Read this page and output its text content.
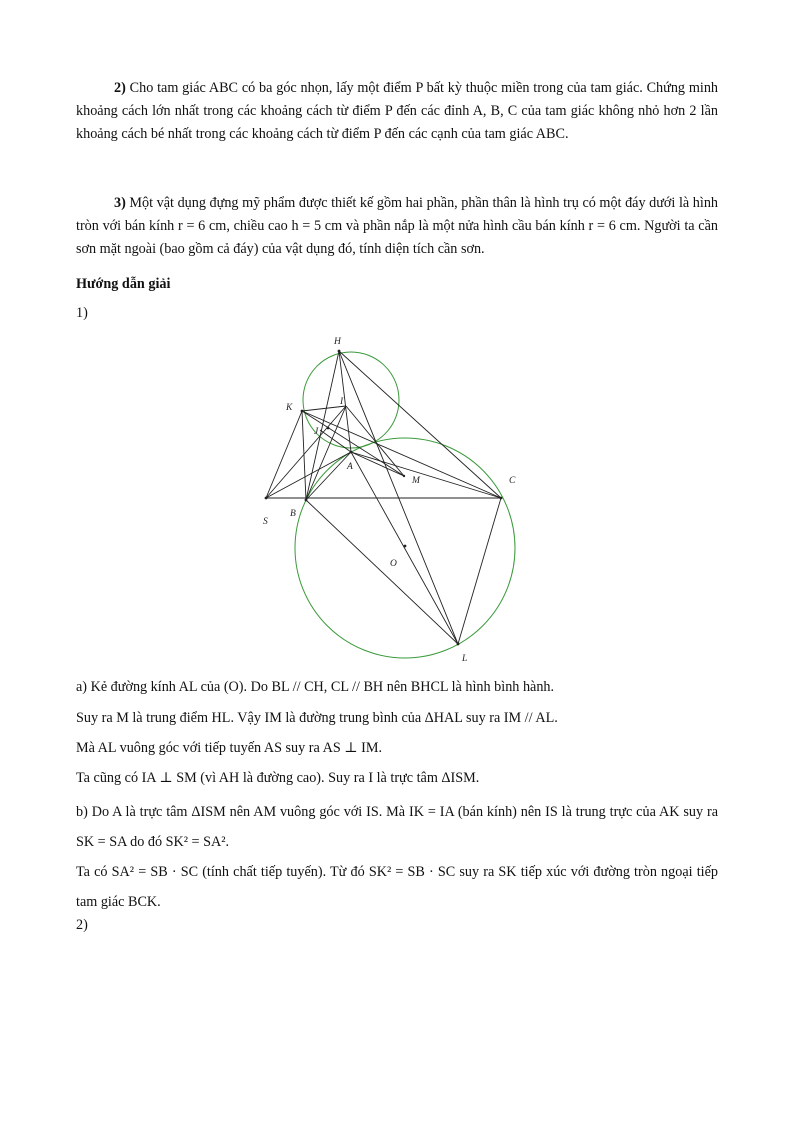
2) Cho tam giác ABC có ba góc nhọn, lấy một điểm P bất kỳ thuộc miền trong của tam giác. Chứng minh khoảng cách lớn nhất trong các khoảng cách từ điểm P đến các đỉnh A, B, C của tam giác không nhỏ hơn 2 lần khoảng cách bé nhất trong các khoảng cách từ điểm P đến các cạnh của tam giác ABC.
3) Một vật dụng đựng mỹ phẩm được thiết kế gồm hai phần, phần thân là hình trụ có một đáy dưới là hình tròn với bán kính r = 6 cm, chiều cao h = 5 cm và phần nắp là một nửa hình cầu bán kính r = 6 cm. Người ta cần sơn mặt ngoài (bao gồm cả đáy) của vật dụng đó, tính diện tích cần sơn.
Hướng dẫn giải
1)
H
I
K
J
A
M	C
S
B
O
L
a) Kẻ đường kính AL của (O). Do BL // CH, CL // BH nên BHCL là hình bình hành.
Suy ra M là trung điểm HL. Vậy IM là đường trung bình của ΔHAL suy ra IM // AL.
Mà AL vuông góc với tiếp tuyến AS suy ra AS ⊥ IM.
Ta cũng có IA ⊥ SM (vì AH là đường cao). Suy ra I là trực tâm ΔISM.
b) Do A là trực tâm ΔISM nên AM vuông góc với IS. Mà IK = IA (bán kính) nên IS là trung trực của AK suy ra SK = SA do đó SK² = SA².
Ta có SA² = SB · SC (tính chất tiếp tuyến). Từ đó SK² = SB · SC suy ra SK tiếp xúc với đường tròn ngoại tiếp tam giác BCK.
2)
